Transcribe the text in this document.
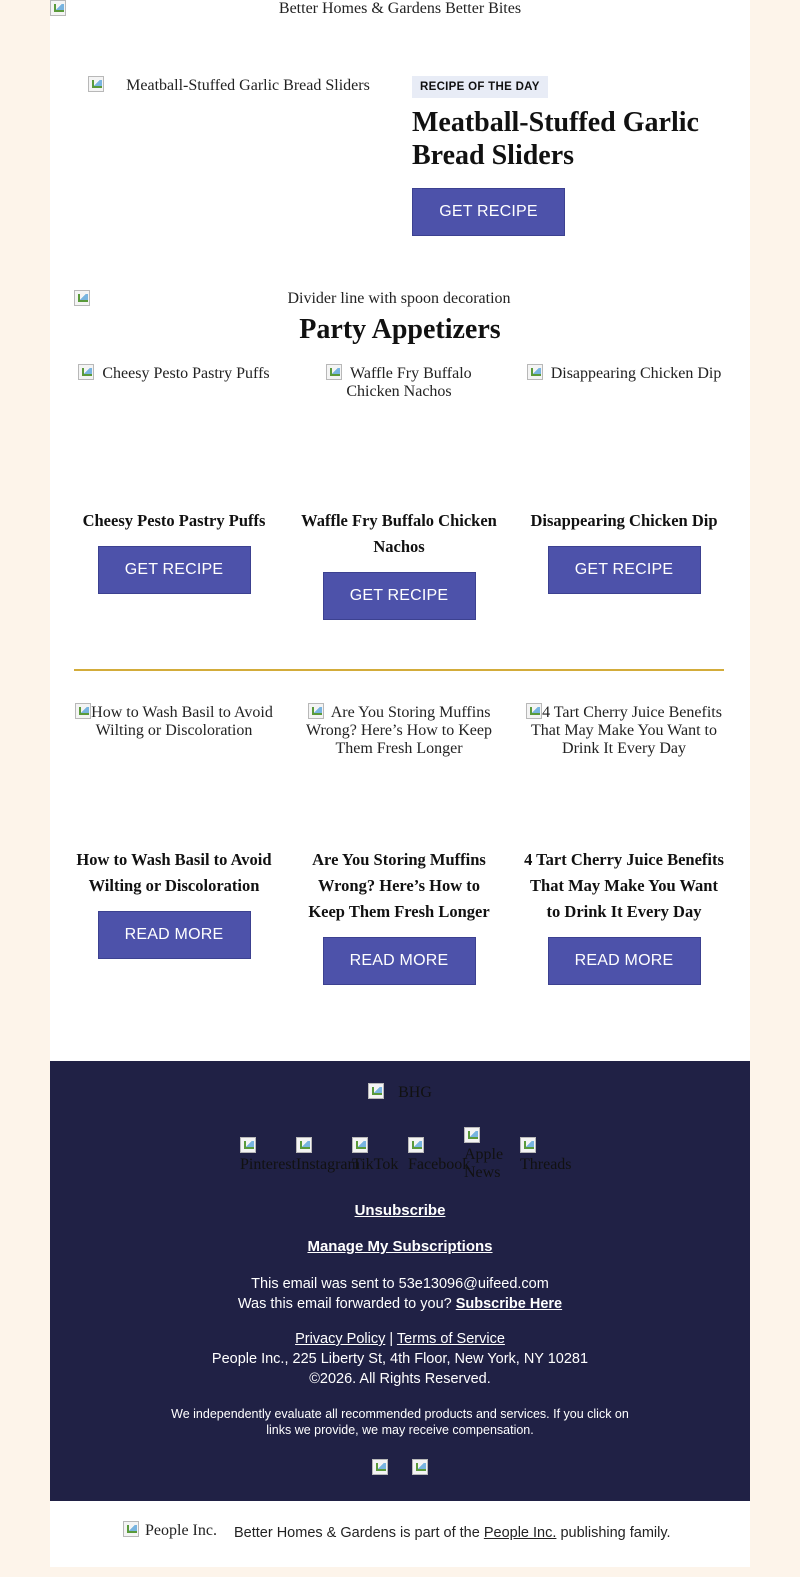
Better Homes & Gardens Better Bites
Meatball-Stuffed Garlic Bread Sliders	RECIPE OF THE DAY
Meatball-Stuffed Garlic Bread Sliders
GET RECIPE
Divider line with spoon decoration
Party Appetizers
Cheesy Pesto Pastry Puffs

Cheesy Pesto Pastry Puffs

GET RECIPE
Waffle Fry Buffalo Chicken Nachos

Waffle Fry Buffalo Chicken Nachos

GET RECIPE
Disappearing Chicken Dip

Disappearing Chicken Dip

GET RECIPE
How to Wash Basil to Avoid Wilting or Discoloration

How to Wash Basil to Avoid Wilting or Discoloration

READ MORE
Are You Storing Muffins Wrong? Here’s How to Keep Them Fresh Longer

Are You Storing Muffins Wrong? Here’s How to Keep Them Fresh Longer

READ MORE
4 Tart Cherry Juice Benefits That May Make You Want to Drink It Every Day

4 Tart Cherry Juice Benefits That May Make You Want to Drink It Every Day

READ MORE
BHG
Pinterest Instagram
TikTok Facebook
Apple News Threads
Unsubscribe
Manage My Subscriptions
This email was sent to 53e13096@uifeed.com
Was this email forwarded to you? Subscribe Here
Privacy Policy | Terms of Service
People Inc., 225 Liberty St, 4th Floor, New York, NY 10281
©2026. All Rights Reserved.
We independently evaluate all recommended products and services. If you click on links we provide, we may receive compensation.
People Inc. Better Homes & Gardens is part of the People Inc. publishing family.
